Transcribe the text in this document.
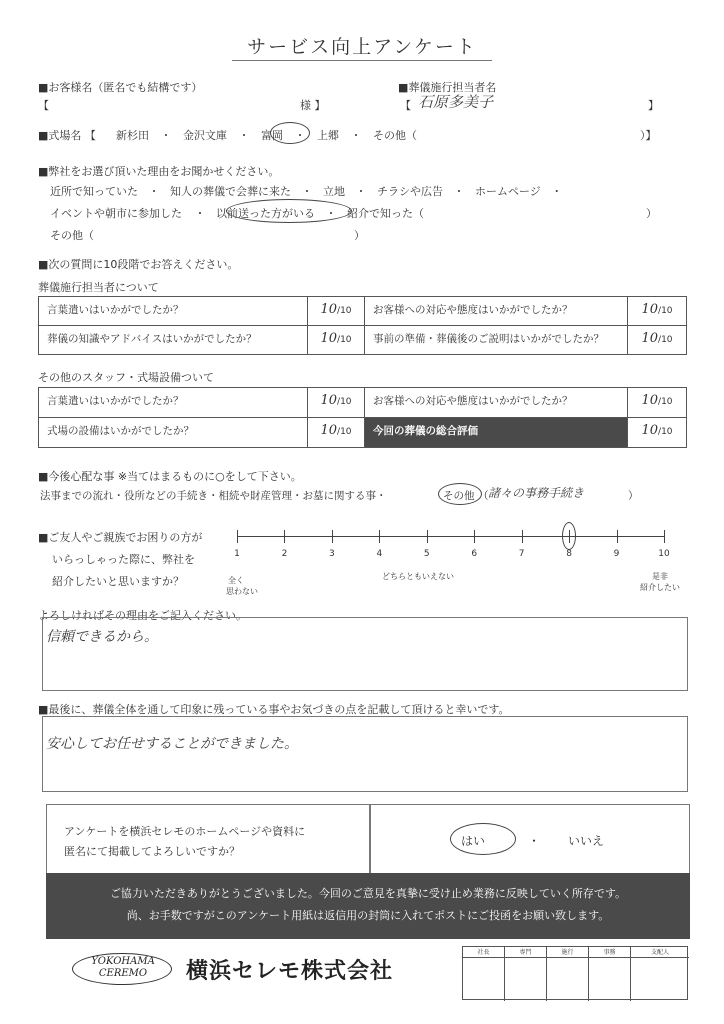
サービス向上アンケート
■お客様名（匿名でも結構です）
【	様 】
■葬儀施行担当者名
【 石原多美子	】
■式場名 【 新杉田 ・ 金沢文庫 ・ 富岡 ・ 上郷 ・ その他（	）】
■弊社をお選び頂いた理由をお聞かせください。
近所で知っていた ・ 知人の葬儀で会葬に来た ・ 立地 ・ チラシや広告 ・ ホームページ ・
イベントや朝市に参加した ・ 以前送った方がいる ・ 紹介で知った（	）
その他（	）
■次の質問に10段階でお答えください。
葬儀施行担当者について
言葉遣いはいかがでしたか？	10/10	お客様への対応や態度はいかがでしたか？	10/10
葬儀の知識やアドバイスはいかがでしたか？	10/10	事前の準備・葬儀後のご説明はいかがでしたか？	10/10
その他のスタッフ・式場設備ついて
言葉遣いはいかがでしたか？	10/10	お客様への対応や態度はいかがでしたか？	10/10
式場の設備はいかがでしたか？	10/10	今回の葬儀の総合評価	10/10
■今後心配な事 ※当てはまるものに○をして下さい。
法事までの流れ・役所などの手続き・相続や財産管理・お墓に関する事・	その他 （ 諸々の事務手続き	）
■ご友人やご親族でお困りの方が
いらっしゃった際に、弊社を
紹介したいと思いますか？
1	2	3	4	5	6	7	8	9	10
全く
思わない
どちらともいえない	是非
紹介したい
よろしければその理由をご記入ください。
信頼できるから。
■最後に、葬儀全体を通して印象に残っている事やお気づきの点を記載して頂けると幸いです。
安心してお任せすることができました。
アンケートを横浜セレモのホームページや資料に
匿名にて掲載してよろしいですか？
はい	・ いいえ
ご協力いただきありがとうございました。今回のご意見を真摯に受け止め業務に反映していく所存です。
尚、お手数ですがこのアンケート用紙は返信用の封筒に入れてポストにご投函をお願い致します。
YOKOHAMA
CEREMO	横浜セレモ株式会社
社長	専門	施行	事務	支配人
